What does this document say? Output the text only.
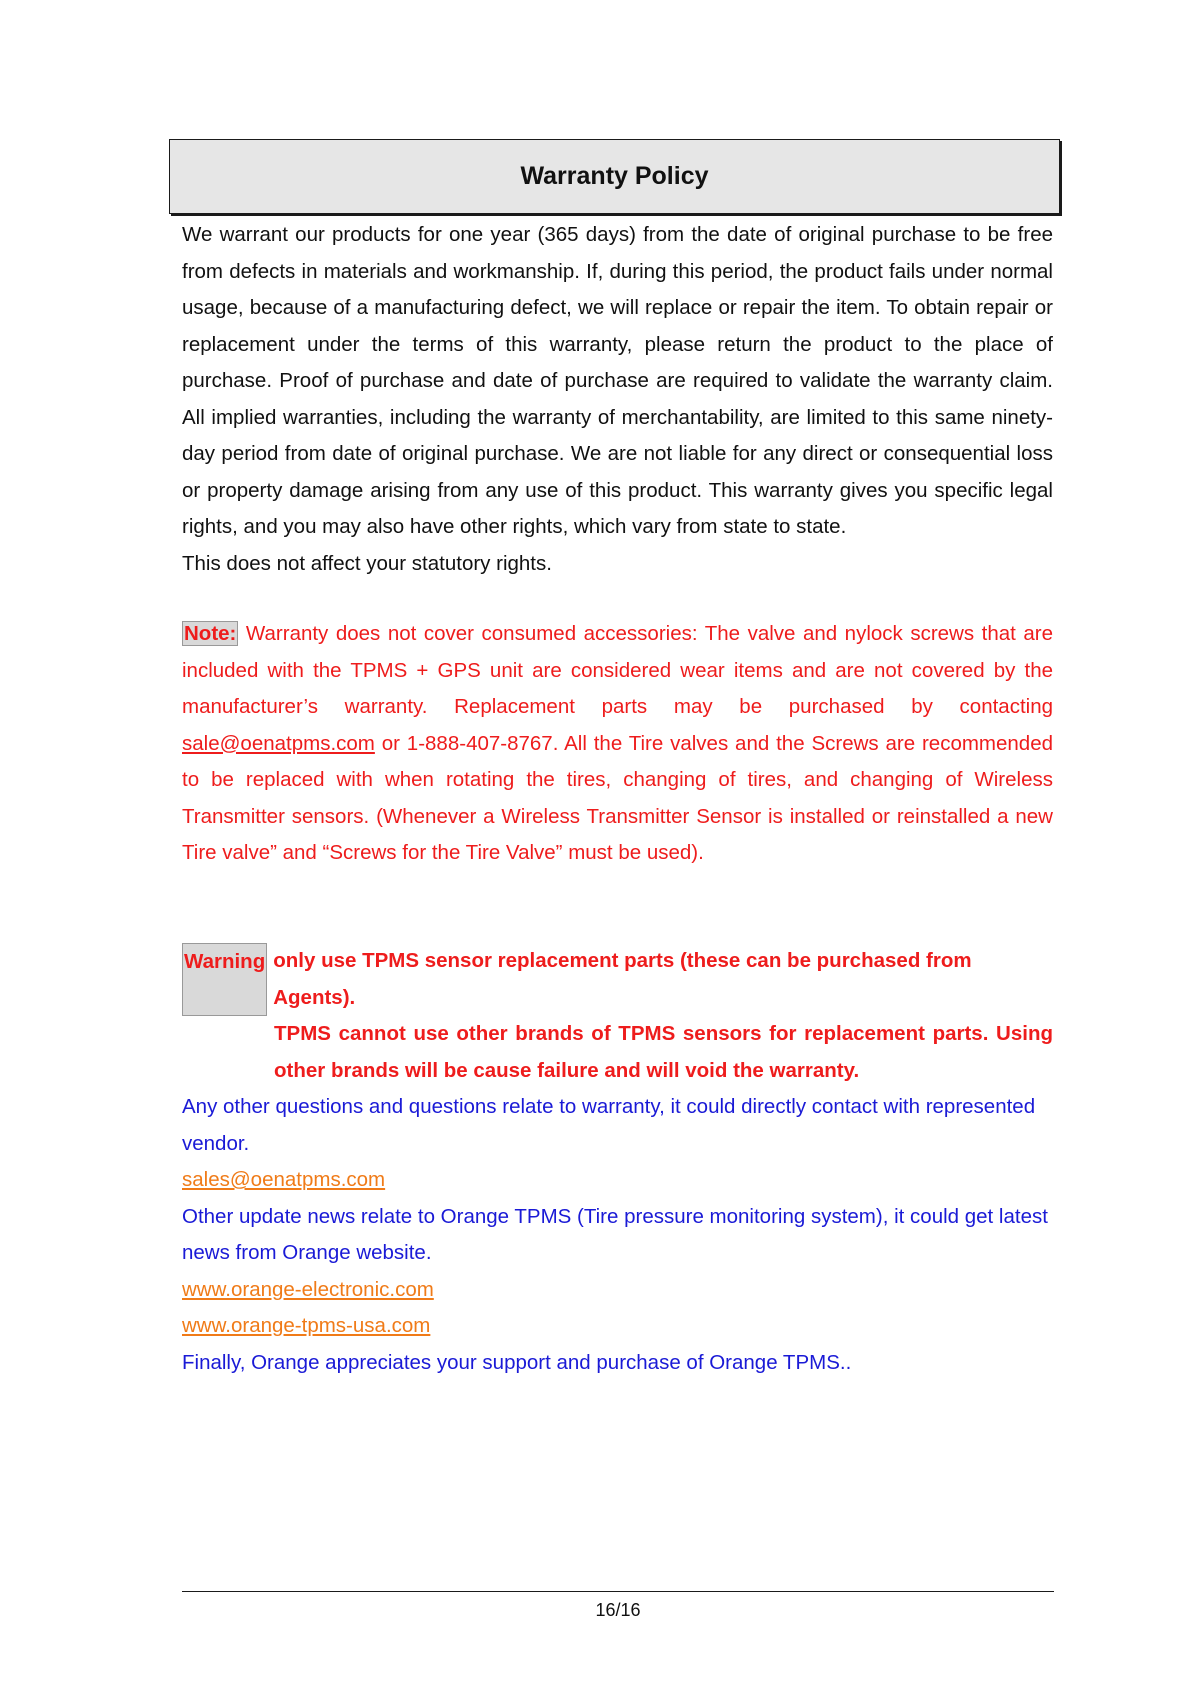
Warranty Policy

We warrant our products for one year (365 days) from the date of original purchase to be free from defects in materials and workmanship. If, during this period, the product fails under normal usage, because of a manufacturing defect, we will replace or repair the item. To obtain repair or replacement under the terms of this warranty, please return the product to the place of purchase. Proof of purchase and date of purchase are required to validate the warranty claim. All implied warranties, including the warranty of merchantability, are limited to this same ninety-day period from date of original purchase. We are not liable for any direct or consequential loss or property damage arising from any use of this product. This warranty gives you specific legal rights, and you may also have other rights, which vary from state to state.

This does not affect your statutory rights.

Note: Warranty does not cover consumed accessories: The valve and nylock screws that are included with the TPMS + GPS unit are considered wear items and are not covered by the manufacturer’s warranty. Replacement parts may be purchased by contacting sale@oenatpms.com or 1-888-407-8767. All the Tire valves and the Screws are recommended to be replaced with when rotating the tires, changing of tires, and changing of Wireless Transmitter sensors. (Whenever a Wireless Transmitter Sensor is installed or reinstalled a new Tire valve” and “Screws for the Tire Valve” must be used).
Warning only use TPMS sensor replacement parts (these can be purchased from Agents).
TPMS cannot use other brands of TPMS sensors for replacement parts. Using other brands will be cause failure and will void the warranty.

Any other questions and questions relate to warranty, it could directly contact with represented vendor.

sales@oenatpms.com

Other update news relate to Orange TPMS (Tire pressure monitoring system), it could get latest news from Orange website.

www.orange-electronic.com
www.orange-tpms-usa.com

Finally, Orange appreciates your support and purchase of Orange TPMS..

16/16
